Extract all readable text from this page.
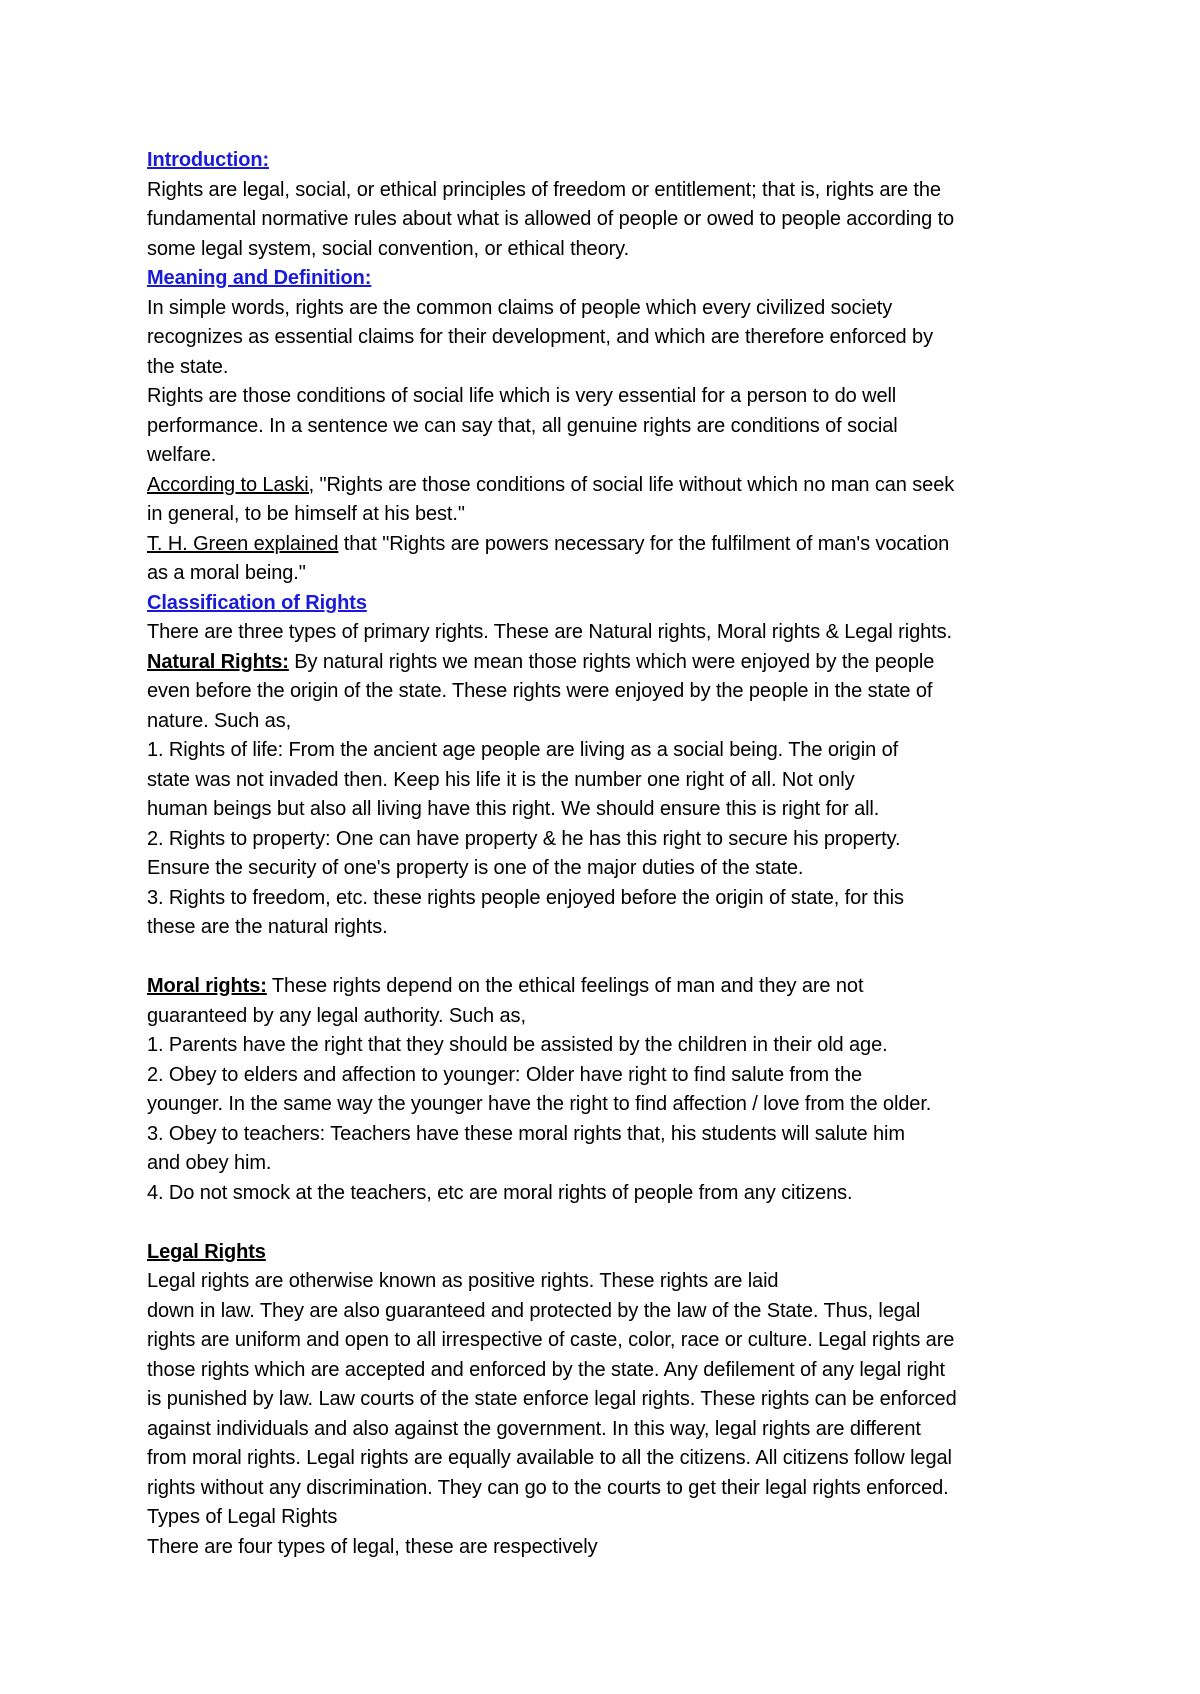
Introduction:
Rights are legal, social, or ethical principles of freedom or entitlement; that is, rights are the
fundamental normative rules about what is allowed of people or owed to people according to
some legal system, social convention, or ethical theory.
Meaning and Definition:
In simple words, rights are the common claims of people which every civilized society
recognizes as essential claims for their development, and which are therefore enforced by
the state.
Rights are those conditions of social life which is very essential for a person to do well
performance. In a sentence we can say that, all genuine rights are conditions of social
welfare.
According to Laski, "Rights are those conditions of social life without which no man can seek
in general, to be himself at his best."
T. H. Green explained that "Rights are powers necessary for the fulfilment of man's vocation
as a moral being."
Classification of Rights
There are three types of primary rights. These are Natural rights, Moral rights & Legal rights.
Natural Rights: By natural rights we mean those rights which were enjoyed by the people
even before the origin of the state. These rights were enjoyed by the people in the state of
nature. Such as,
1. Rights of life: From the ancient age people are living as a social being. The origin of
state was not invaded then. Keep his life it is the number one right of all. Not only
human beings but also all living have this right. We should ensure this is right for all.
2. Rights to property: One can have property & he has this right to secure his property.
Ensure the security of one's property is one of the major duties of the state.
3. Rights to freedom, etc. these rights people enjoyed before the origin of state, for this
these are the natural rights.
Moral rights: These rights depend on the ethical feelings of man and they are not
guaranteed by any legal authority. Such as,
1. Parents have the right that they should be assisted by the children in their old age.
2. Obey to elders and affection to younger: Older have right to find salute from the
younger. In the same way the younger have the right to find affection / love from the older.
3. Obey to teachers: Teachers have these moral rights that, his students will salute him
and obey him.
4. Do not smock at the teachers, etc are moral rights of people from any citizens.
Legal Rights
Legal rights are otherwise known as positive rights. These rights are laid
down in law. They are also guaranteed and protected by the law of the State. Thus, legal
rights are uniform and open to all irrespective of caste, color, race or culture. Legal rights are
those rights which are accepted and enforced by the state. Any defilement of any legal right
is punished by law. Law courts of the state enforce legal rights. These rights can be enforced
against individuals and also against the government. In this way, legal rights are different
from moral rights. Legal rights are equally available to all the citizens. All citizens follow legal
rights without any discrimination. They can go to the courts to get their legal rights enforced.
Types of Legal Rights
There are four types of legal, these are respectively
